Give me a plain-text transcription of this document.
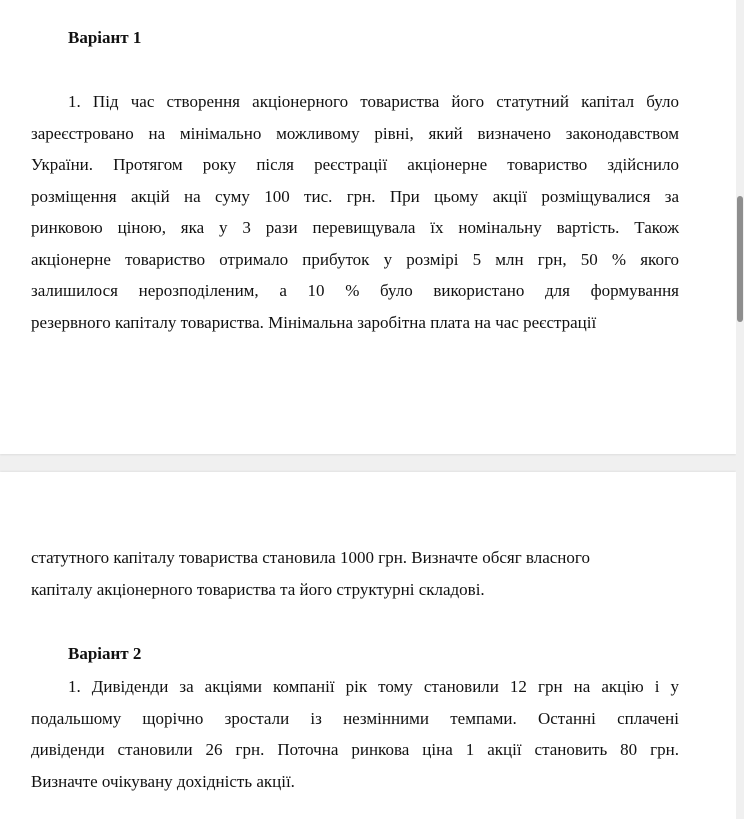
Варіант 1
1. Під час створення акціонерного товариства його статутний капітал було
зареєстровано на мінімально можливому рівні, який визначено законодавством
України. Протягом року після реєстрації акціонерне товариство здійснило
розміщення акцій на суму 100 тис. грн. При цьому акції розміщувалися за
ринковою ціною, яка у 3 рази перевищувала їх номінальну вартість. Також
акціонерне товариство отримало прибуток у розмірі 5 млн грн, 50 % якого
залишилося нерозподіленим, а 10 % було використано для формування
резервного капіталу товариства. Мінімальна заробітна плата на час реєстрації
статутного капіталу товариства становила 1000 грн. Визначте обсяг власного
капіталу акціонерного товариства та його структурні складові.
Варіант 2
1. Дивіденди за акціями компанії рік тому становили 12 грн на акцію і у
подальшому щорічно зростали із незмінними темпами. Останні сплачені
дивіденди становили 26 грн. Поточна ринкова ціна 1 акції становить 80 грн.
Визначте очікувану дохідність акції.
